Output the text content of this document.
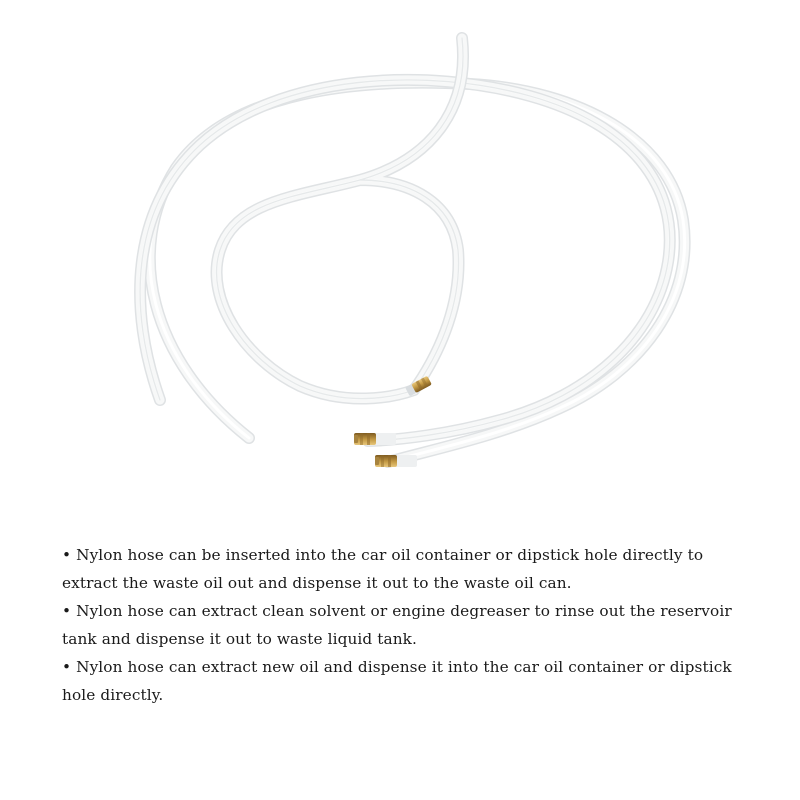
• Nylon hose can be inserted into the car oil container or dipstick hole directly to extract the waste oil out and dispense it out to the waste oil can.
• Nylon hose can extract clean solvent or engine degreaser to rinse out the reservoir tank and dispense it out to waste liquid tank.
• Nylon hose can extract new oil and dispense it into the car oil container or dipstick hole directly.
